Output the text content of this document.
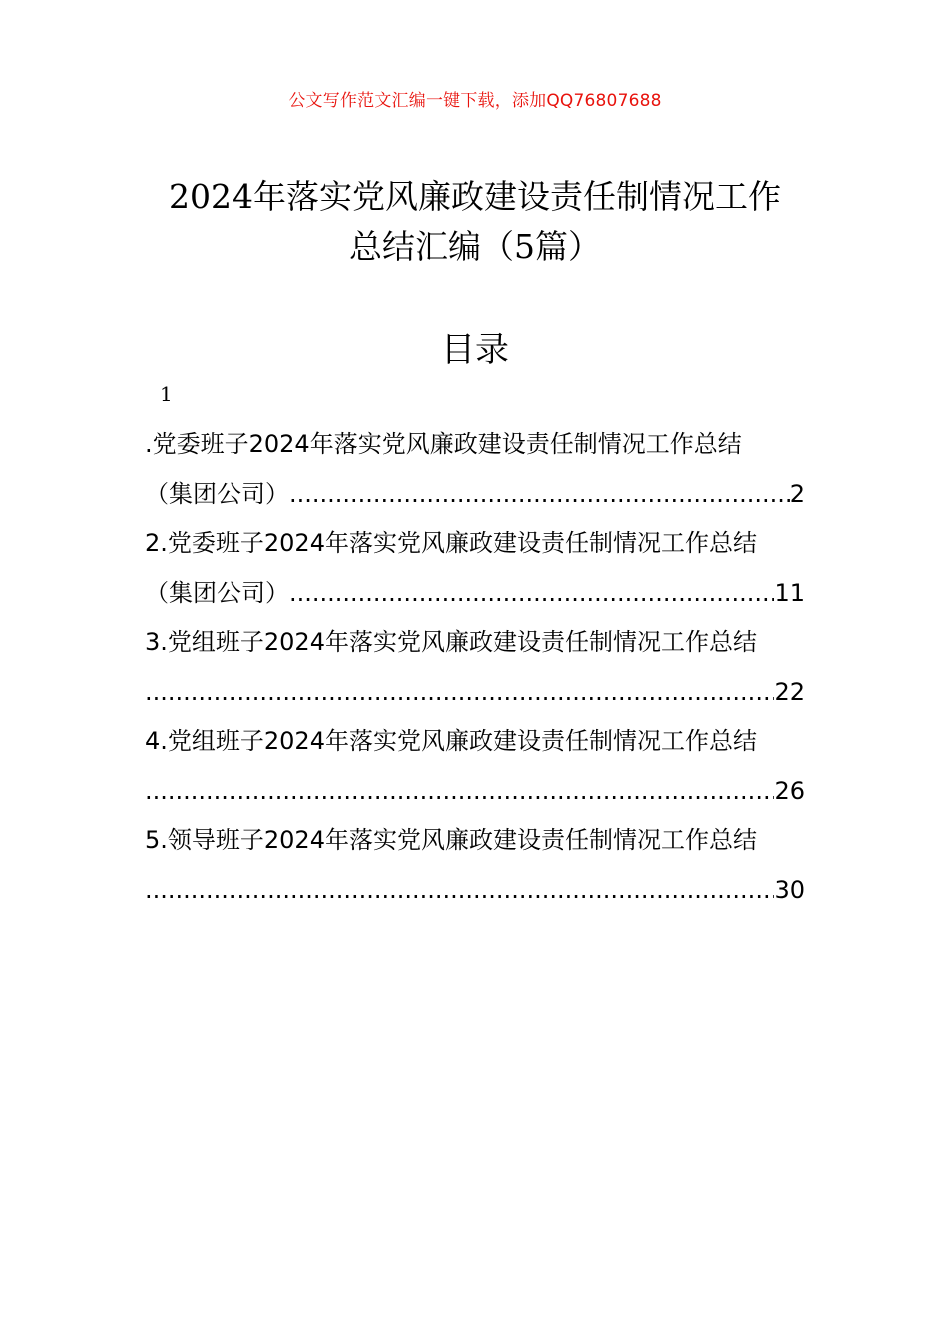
公文写作范文汇编一键下载，添加QQ76807688
2024年落实党风廉政建设责任制情况工作
总结汇编（5篇）
目录
1
.党委班子2024年落实党风廉政建设责任制情况工作总结
（集团公司） .....	2
2.党委班子2024年落实党风廉政建设责任制情况工作总结
（集团公司） .....	11
3.党组班子2024年落实党风廉政建设责任制情况工作总结
.....
22
4.党组班子2024年落实党风廉政建设责任制情况工作总结
.....
26
5.领导班子2024年落实党风廉政建设责任制情况工作总结
.....
30
